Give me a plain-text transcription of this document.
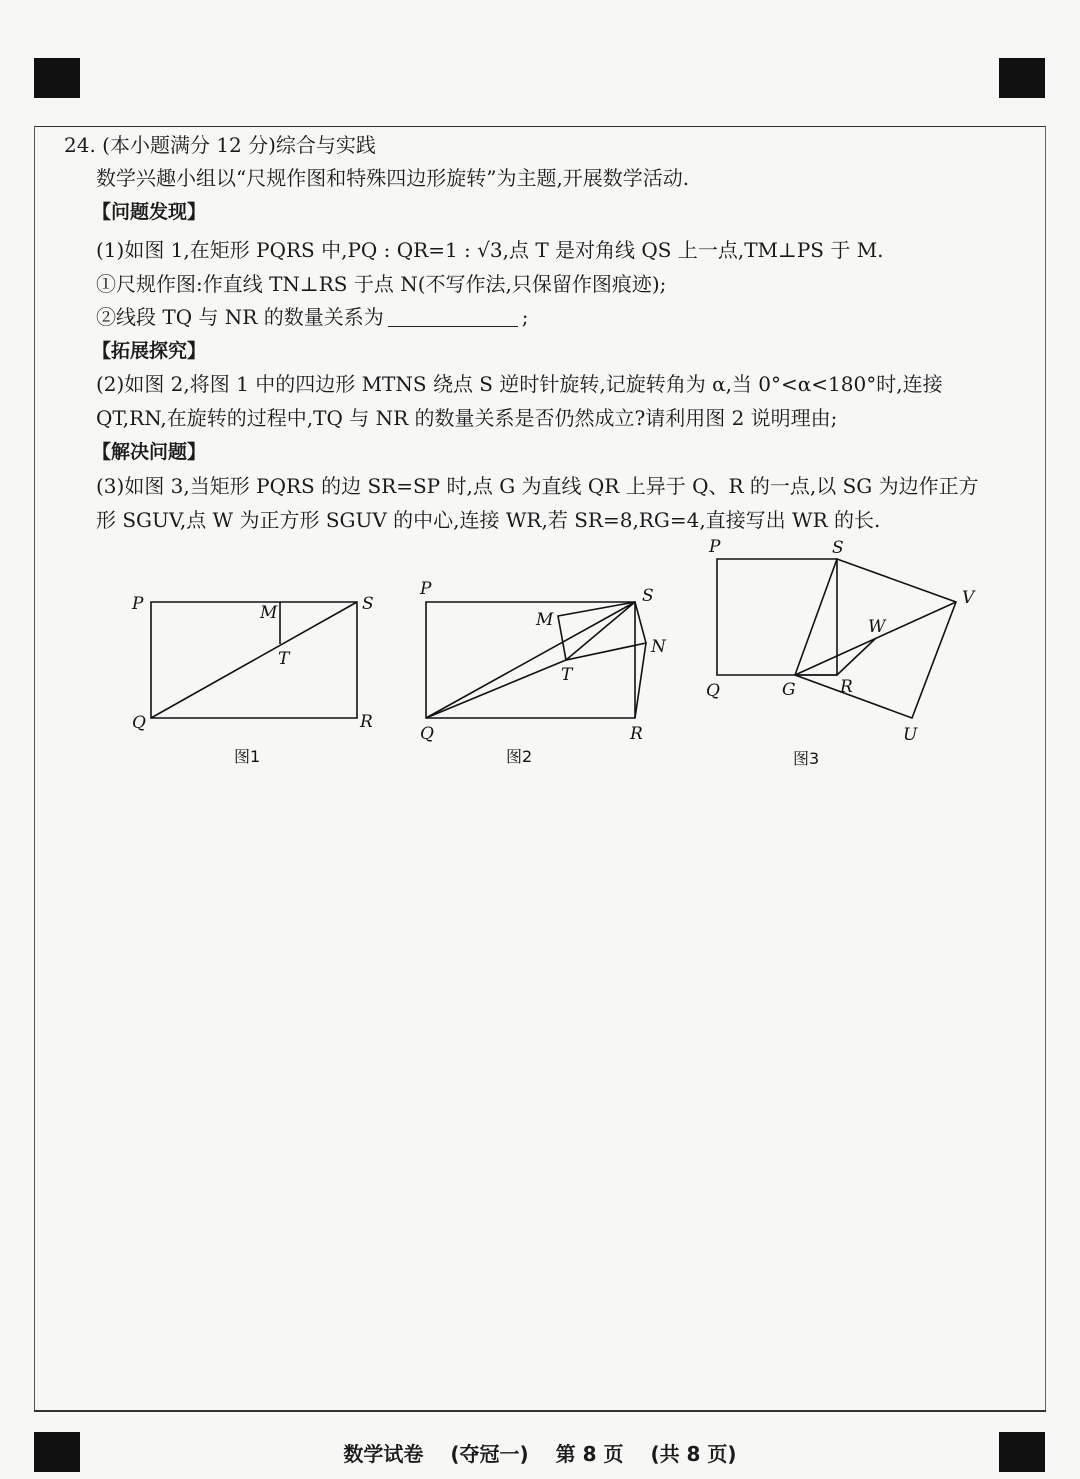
24. (本小题满分 12 分)综合与实践
数学兴趣小组以“尺规作图和特殊四边形旋转”为主题,开展数学活动.
【问题发现】
(1)如图 1,在矩形 PQRS 中,PQ : QR=1 : √3,点 T 是对角线 QS 上一点,TM⊥PS 于 M.
①尺规作图:作直线 TN⊥RS 于点 N(不写作法,只保留作图痕迹);
②线段 TQ 与 NR 的数量关系为	;
【拓展探究】
(2)如图 2,将图 1 中的四边形 MTNS 绕点 S 逆时针旋转,记旋转角为 α,当 0°<α<180°时,连接
QT,RN,在旋转的过程中,TQ 与 NR 的数量关系是否仍然成立?请利用图 2 说明理由;
【解决问题】
(3)如图 3,当矩形 PQRS 的边 SR=SP 时,点 G 为直线 QR 上异于 Q、R 的一点,以 SG 为边作正方
形 SGUV,点 W 为正方形 SGUV 的中心,连接 WR,若 SR=8,RG=4,直接写出 WR 的长.
P	S
Q	R
M
T
图1
P	S
Q	R
M
T
N
图2
P	S
Q	G	R
V
W
U
图3
数学试卷 (夺冠一) 第 8 页 (共 8 页)
